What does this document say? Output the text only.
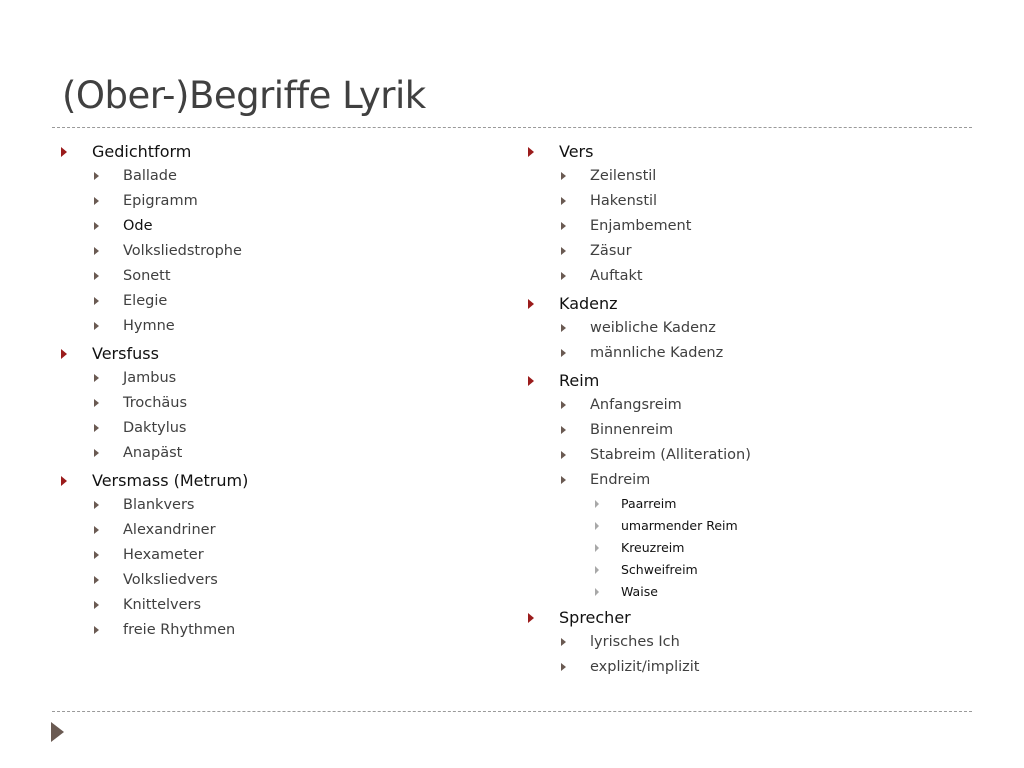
(Ober-)Begriffe Lyrik
Gedichtform
Ballade
Epigramm
Ode
Volksliedstrophe
Sonett
Elegie
Hymne
Versfuss
Jambus
Trochäus
Daktylus
Anapäst
Versmass (Metrum)
Blankvers
Alexandriner
Hexameter
Volksliedvers
Knittelvers
freie Rhythmen
Vers
Zeilenstil
Hakenstil
Enjambement
Zäsur
Auftakt
Kadenz
weibliche Kadenz
männliche Kadenz
Reim
Anfangsreim
Binnenreim
Stabreim (Alliteration)
Endreim
Paarreim
umarmender Reim
Kreuzreim
Schweifreim
Waise
Sprecher
lyrisches Ich
explizit/implizit
